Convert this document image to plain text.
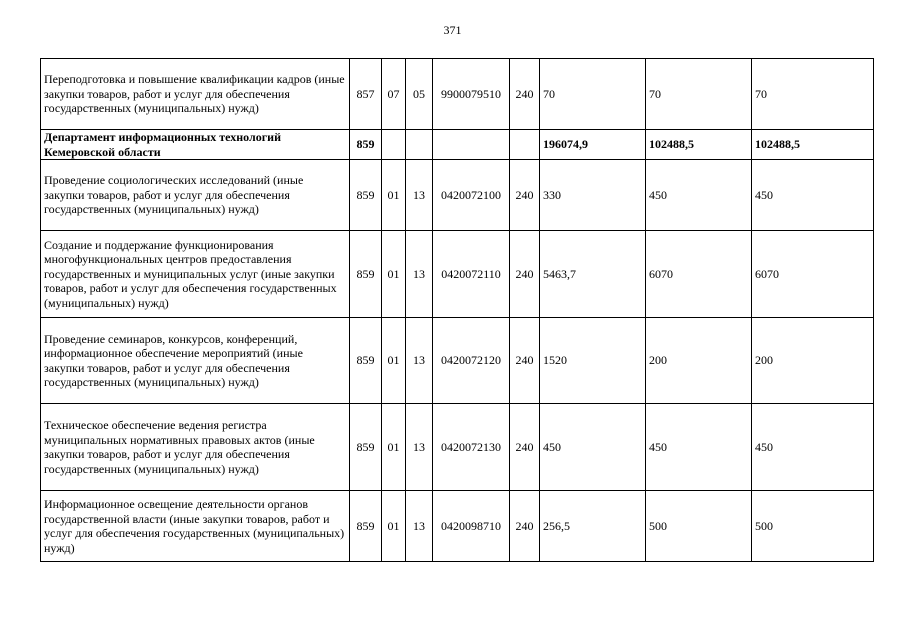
371
Переподготовка и повышение квалификации кадров (иные закупки товаров, работ и услуг для обеспечения государственных (муниципальных) нужд)	857	07	05	9900079510	240	70	70	70
Департамент информационных технологий Кемеровской области	859					196074,9	102488,5	102488,5
Проведение социологических исследований (иные закупки товаров, работ и услуг для обеспечения государственных (муниципальных) нужд)	859	01	13	0420072100	240	330	450	450
Создание и поддержание функционирования многофункциональных центров предоставления государственных и муниципальных услуг (иные закупки товаров, работ и услуг для обеспечения государственных (муниципальных) нужд)	859	01	13	0420072110	240	5463,7	6070	6070
Проведение семинаров, конкурсов, конференций, информационное обеспечение мероприятий (иные закупки товаров, работ и услуг для обеспечения государственных (муниципальных) нужд)	859	01	13	0420072120	240	1520	200	200
Техническое обеспечение ведения регистра муниципальных нормативных правовых актов (иные закупки товаров, работ и услуг для обеспечения государственных (муниципальных) нужд)	859	01	13	0420072130	240	450	450	450
Информационное освещение деятельности органов государственной власти (иные закупки товаров, работ и услуг для обеспечения государственных (муниципальных) нужд)	859	01	13	0420098710	240	256,5	500	500
